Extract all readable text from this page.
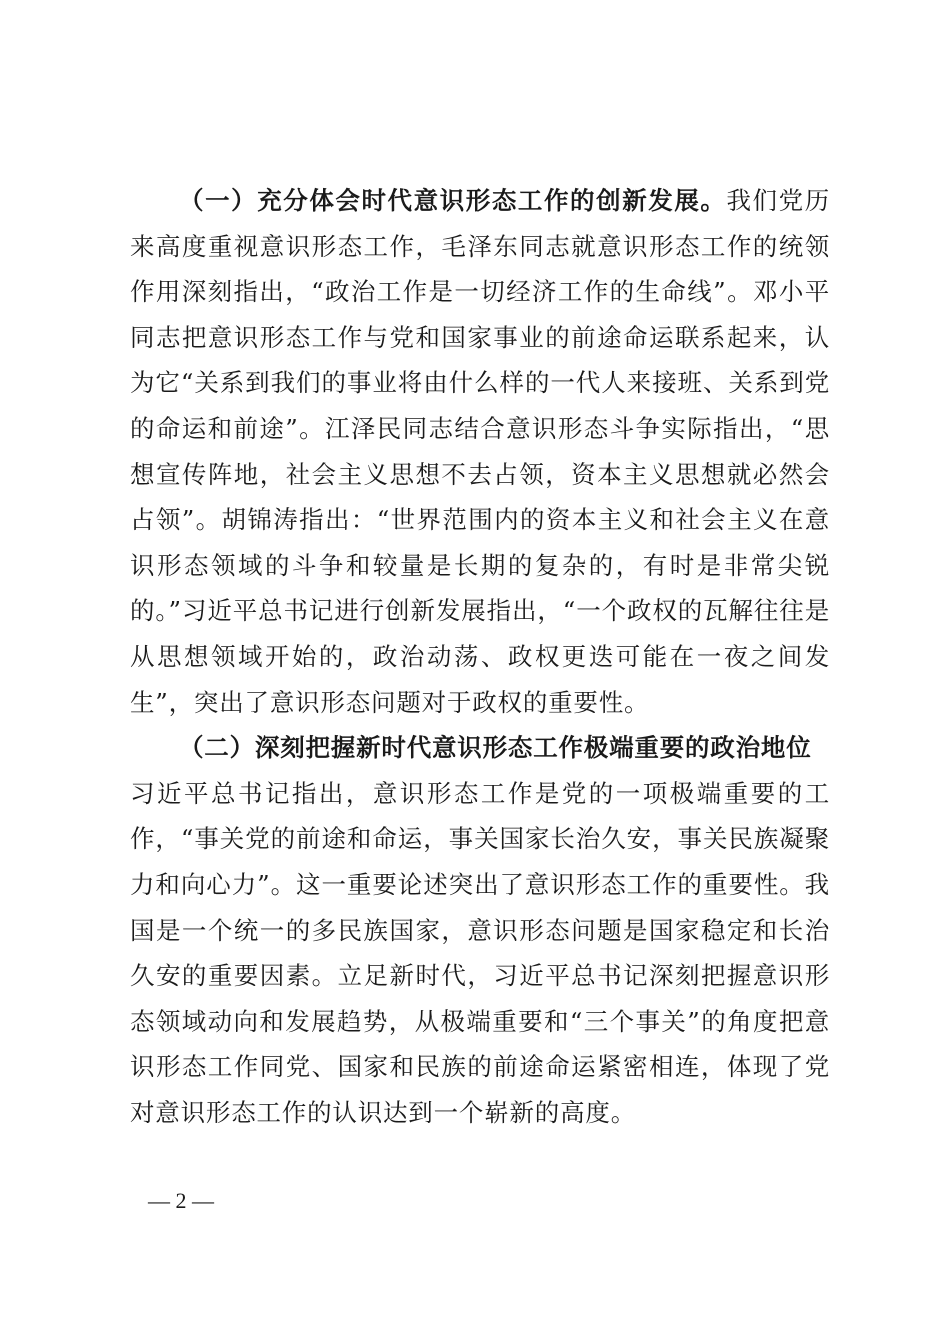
（一）充分体会时代意识形态工作的创新发展。我们党历来高度重视意识形态工作，毛泽东同志就意识形态工作的统领作用深刻指出，“政治工作是一切经济工作的生命线”。邓小平同志把意识形态工作与党和国家事业的前途命运联系起来，认为它“关系到我们的事业将由什么样的一代人来接班、关系到党的命运和前途”。江泽民同志结合意识形态斗争实际指出，“思想宣传阵地，社会主义思想不去占领，资本主义思想就必然会占领”。胡锦涛指出：“世界范围内的资本主义和社会主义在意识形态领域的斗争和较量是长期的复杂的，有时是非常尖锐的。”习近平总书记进行创新发展指出，“一个政权的瓦解往往是从思想领域开始的，政治动荡、政权更迭可能在一夜之间发生”，突出了意识形态问题对于政权的重要性。

（二）深刻把握新时代意识形态工作极端重要的政治地位
习近平总书记指出，意识形态工作是党的一项极端重要的工作，“事关党的前途和命运，事关国家长治久安，事关民族凝聚力和向心力”。这一重要论述突出了意识形态工作的重要性。我国是一个统一的多民族国家，意识形态问题是国家稳定和长治久安的重要因素。立足新时代，习近平总书记深刻把握意识形态领域动向和发展趋势，从极端重要和“三个事关”的角度把意识形态工作同党、国家和民族的前途命运紧密相连，体现了党对意识形态工作的认识达到一个崭新的高度。

— 2 —
